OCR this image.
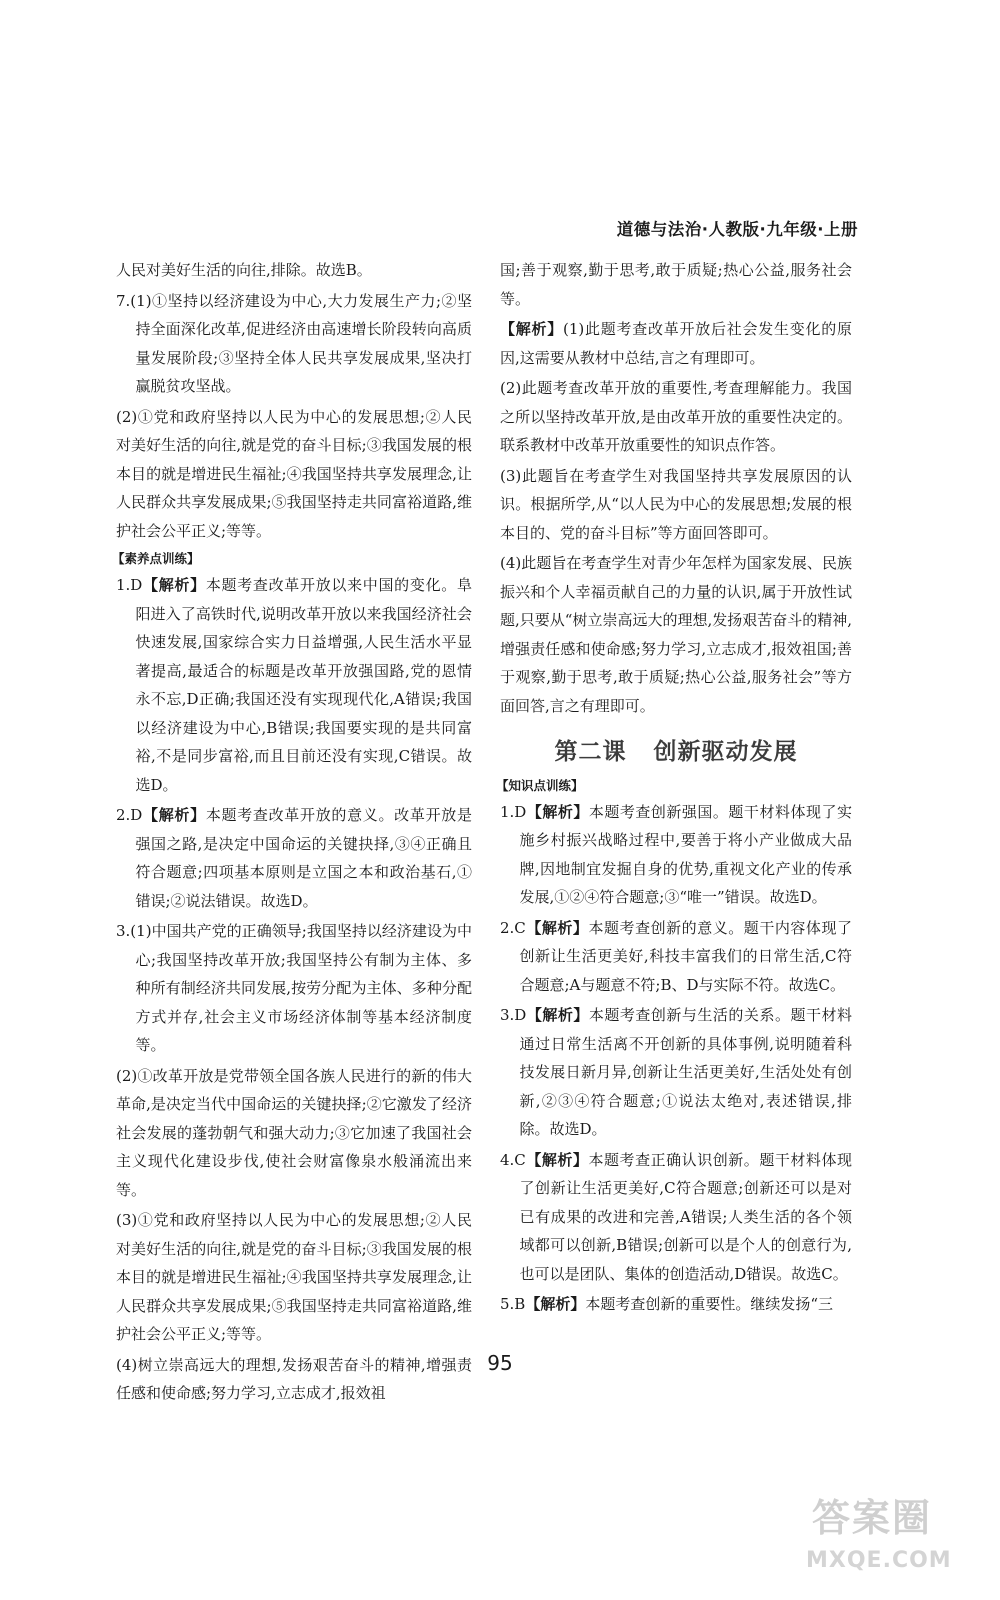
道德与法治·人教版·九年级·上册

人民对美好生活的向往,排除。故选B。

7.(1)①坚持以经济建设为中心,大力发展生产力;②坚持全面深化改革,促进经济由高速增长阶段转向高质量发展阶段;③坚持全体人民共享发展成果,坚决打赢脱贫攻坚战。

(2)①党和政府坚持以人民为中心的发展思想;②人民对美好生活的向往,就是党的奋斗目标;③我国发展的根本目的就是增进民生福祉;④我国坚持共享发展理念,让人民群众共享发展成果;⑤我国坚持走共同富裕道路,维护社会公平正义;等等。

【素养点训练】

1.D【解析】本题考查改革开放以来中国的变化。阜阳进入了高铁时代,说明改革开放以来我国经济社会快速发展,国家综合实力日益增强,人民生活水平显著提高,最适合的标题是改革开放强国路,党的恩情永不忘,D正确;我国还没有实现现代化,A错误;我国以经济建设为中心,B错误;我国要实现的是共同富裕,不是同步富裕,而且目前还没有实现,C错误。故选D。

2.D【解析】本题考查改革开放的意义。改革开放是强国之路,是决定中国命运的关键抉择,③④正确且符合题意;四项基本原则是立国之本和政治基石,①错误;②说法错误。故选D。

3.(1)中国共产党的正确领导;我国坚持以经济建设为中心;我国坚持改革开放;我国坚持公有制为主体、多种所有制经济共同发展,按劳分配为主体、多种分配方式并存,社会主义市场经济体制等基本经济制度等。

(2)①改革开放是党带领全国各族人民进行的新的伟大革命,是决定当代中国命运的关键抉择;②它激发了经济社会发展的蓬勃朝气和强大动力;③它加速了我国社会主义现代化建设步伐,使社会财富像泉水般涌流出来等。

(3)①党和政府坚持以人民为中心的发展思想;②人民对美好生活的向往,就是党的奋斗目标;③我国发展的根本目的就是增进民生福祉;④我国坚持共享发展理念,让人民群众共享发展成果;⑤我国坚持走共同富裕道路,维护社会公平正义;等等。

(4)树立崇高远大的理想,发扬艰苦奋斗的精神,增强责任感和使命感;努力学习,立志成才,报效祖

国;善于观察,勤于思考,敢于质疑;热心公益,服务社会等。

【解析】(1)此题考查改革开放后社会发生变化的原因,这需要从教材中总结,言之有理即可。

(2)此题考查改革开放的重要性,考查理解能力。我国之所以坚持改革开放,是由改革开放的重要性决定的。联系教材中改革开放重要性的知识点作答。

(3)此题旨在考查学生对我国坚持共享发展原因的认识。根据所学,从“以人民为中心的发展思想;发展的根本目的、党的奋斗目标”等方面回答即可。

(4)此题旨在考查学生对青少年怎样为国家发展、民族振兴和个人幸福贡献自己的力量的认识,属于开放性试题,只要从“树立崇高远大的理想,发扬艰苦奋斗的精神,增强责任感和使命感;努力学习,立志成才,报效祖国;善于观察,勤于思考,敢于质疑;热心公益,服务社会”等方面回答,言之有理即可。

第二课 创新驱动发展
【知识点训练】

1.D【解析】本题考查创新强国。题干材料体现了实施乡村振兴战略过程中,要善于将小产业做成大品牌,因地制宜发掘自身的优势,重视文化产业的传承发展,①②④符合题意;③“唯一”错误。故选D。

2.C【解析】本题考查创新的意义。题干内容体现了创新让生活更美好,科技丰富我们的日常生活,C符合题意;A与题意不符;B、D与实际不符。故选C。

3.D【解析】本题考查创新与生活的关系。题干材料通过日常生活离不开创新的具体事例,说明随着科技发展日新月异,创新让生活更美好,生活处处有创新,②③④符合题意;①说法太绝对,表述错误,排除。故选D。

4.C【解析】本题考查正确认识创新。题干材料体现了创新让生活更美好,C符合题意;创新还可以是对已有成果的改进和完善,A错误;人类生活的各个领域都可以创新,B错误;创新可以是个人的创意行为,也可以是团队、集体的创造活动,D错误。故选C。

5.B【解析】本题考查创新的重要性。继续发扬“三

95
答案圈
MXQE.COM
